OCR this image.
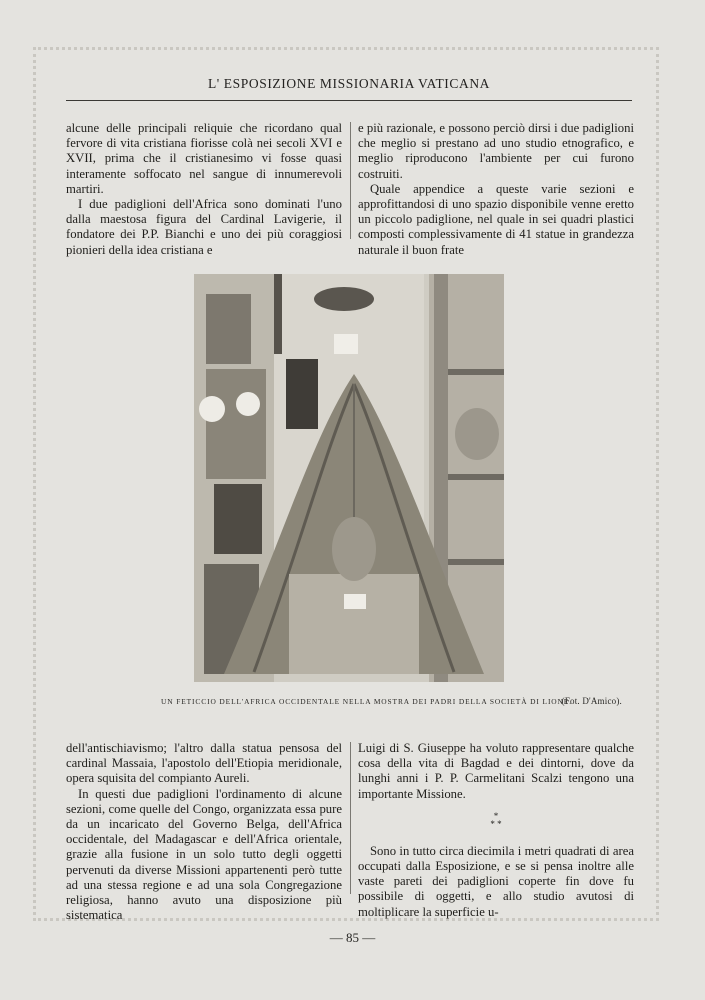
L' ESPOSIZIONE MISSIONARIA VATICANA

alcune delle principali reliquie che ricordano qual fervore di vita cristiana fiorisse colà nei secoli XVI e XVII, prima che il cristianesimo vi fosse quasi interamente soffocato nel sangue di innumerevoli martiri.

I due padiglioni dell'Africa sono dominati l'uno dalla maestosa figura del Cardinal Lavigerie, il fondatore dei P.P. Bianchi e uno dei più coraggiosi pionieri della idea cristiana e

e più razionale, e possono perciò dirsi i due padiglioni che meglio si prestano ad uno studio etnografico, e meglio riproducono l'ambiente per cui furono costruiti.

Quale appendice a queste varie sezioni e approfittandosi di uno spazio disponibile venne eretto un piccolo padiglione, nel quale in sei quadri plastici composti complessivamente di 41 statue in grandezza naturale il buon frate

UN FETICCIO DELL'AFRICA OCCIDENTALE NELLA MOSTRA DEI PADRI DELLA SOCIETÀ DI LIONE.
(Fot. D'Amico).

dell'antischiavismo; l'altro dalla statua pensosa del cardinal Massaia, l'apostolo dell'Etiopia meridionale, opera squisita del compianto Aureli.

In questi due padiglioni l'ordinamento di alcune sezioni, come quelle del Congo, organizzata essa pure da un incaricato del Governo Belga, dell'Africa occidentale, del Madagascar e dell'Africa orientale, grazie alla fusione in un solo tutto degli oggetti pervenuti da diverse Missioni appartenenti però tutte ad una stessa regione e ad una sola Congregazione religiosa, hanno avuto una disposizione più sistematica

Luigi di S. Giuseppe ha voluto rappresentare qualche cosa della vita di Bagdad e dei dintorni, dove da lunghi anni i P. P. Carmelitani Scalzi tengono una importante Missione.

*
* *

Sono in tutto circa diecimila i metri quadrati di area occupati dalla Esposizione, e se si pensa inoltre alle vaste pareti dei padiglioni coperte fin dove fu possibile di oggetti, e allo studio avutosi di moltiplicare la superficie u-

— 85 —
